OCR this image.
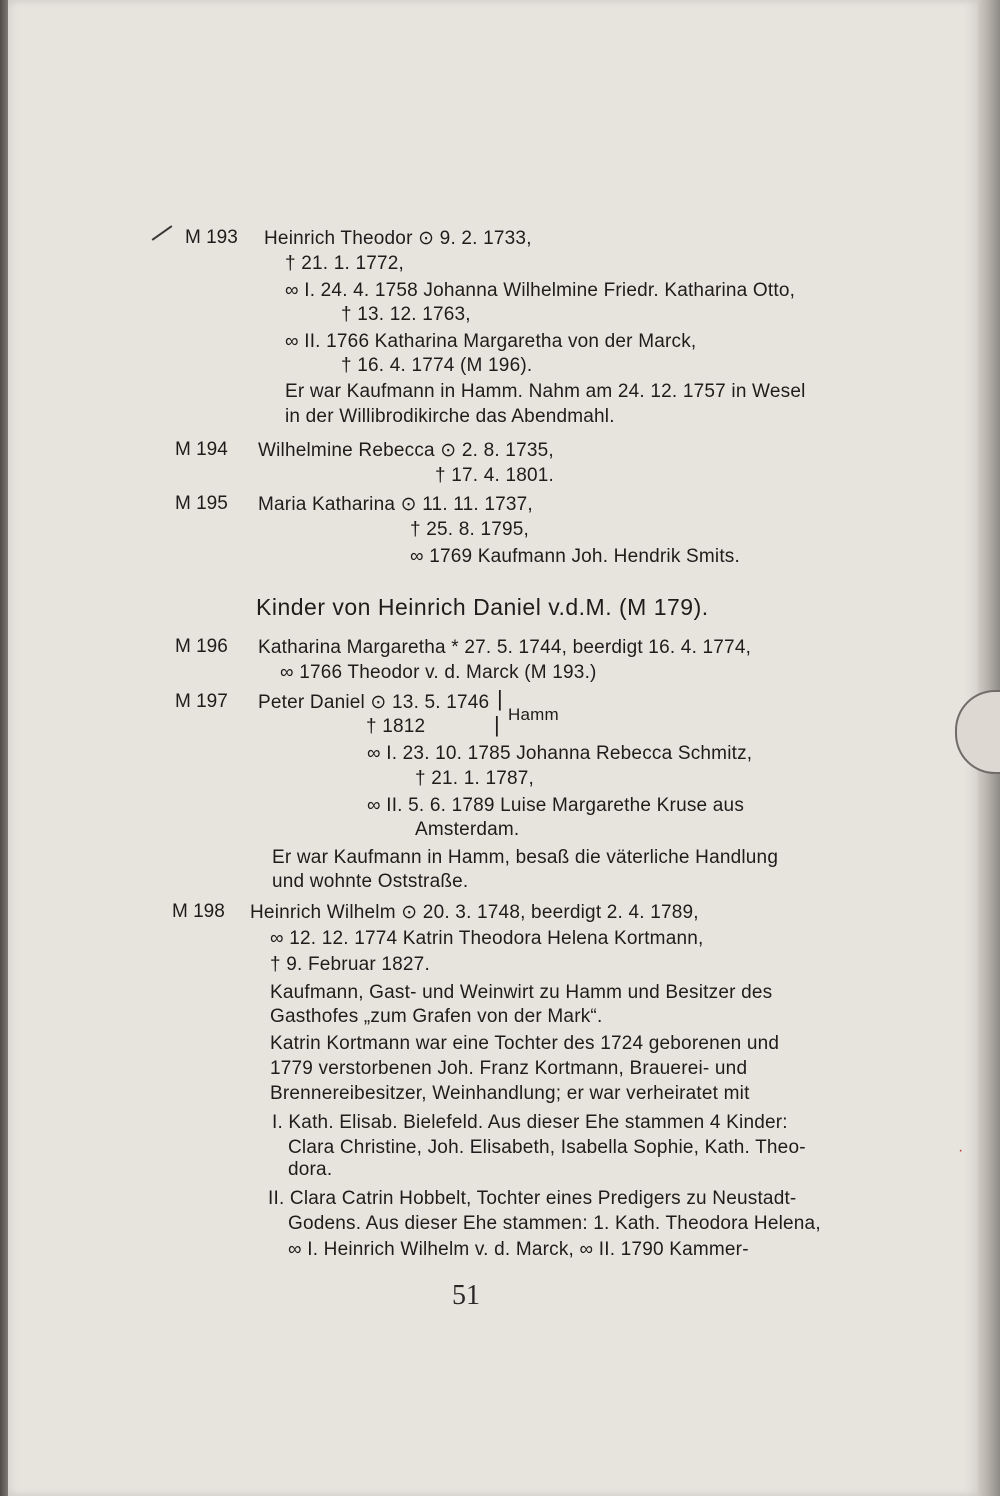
M 193 Heinrich Theodor ⊙ 9. 2. 1733,
† 21. 1. 1772,
∞ I. 24. 4. 1758 Johanna Wilhelmine Friedr. Katharina Otto,
† 13. 12. 1763,
∞ II. 1766 Katharina Margaretha von der Marck,
† 16. 4. 1774 (M 196).
Er war Kaufmann in Hamm. Nahm am 24. 12. 1757 in Wesel
in der Willibrodikirche das Abendmahl.
M 194 Wilhelmine Rebecca ⊙ 2. 8. 1735,
† 17. 4. 1801.
M 195 Maria Katharina ⊙ 11. 11. 1737,
† 25. 8. 1795,
∞ 1769 Kaufmann Joh. Hendrik Smits.
Kinder von Heinrich Daniel v.d.M. (M 179).
M 196 Katharina Margaretha * 27. 5. 1744, beerdigt 16. 4. 1774,
∞ 1766 Theodor v. d. Marck (M 193.)
M 197 Peter Daniel ⊙ 13. 5. 1746 |
† 1812	| Hamm
∞ I. 23. 10. 1785 Johanna Rebecca Schmitz,
† 21. 1. 1787,
∞ II. 5. 6. 1789 Luise Margarethe Kruse aus
Amsterdam.
Er war Kaufmann in Hamm, besaß die väterliche Handlung
und wohnte Oststraße.
M 198 Heinrich Wilhelm ⊙ 20. 3. 1748, beerdigt 2. 4. 1789,
∞ 12. 12. 1774 Katrin Theodora Helena Kortmann,
† 9. Februar 1827.
Kaufmann, Gast- und Weinwirt zu Hamm und Besitzer des
Gasthofes „zum Grafen von der Mark“.
Katrin Kortmann war eine Tochter des 1724 geborenen und
1779 verstorbenen Joh. Franz Kortmann, Brauerei- und
Brennereibesitzer, Weinhandlung; er war verheiratet mit
I. Kath. Elisab. Bielefeld. Aus dieser Ehe stammen 4 Kinder:
Clara Christine, Joh. Elisabeth, Isabella Sophie, Kath. Theo-
dora.
II. Clara Catrin Hobbelt, Tochter eines Predigers zu Neustadt-
Godens. Aus dieser Ehe stammen: 1. Kath. Theodora Helena,
∞ I. Heinrich Wilhelm v. d. Marck, ∞ II. 1790 Kammer-
51
·
